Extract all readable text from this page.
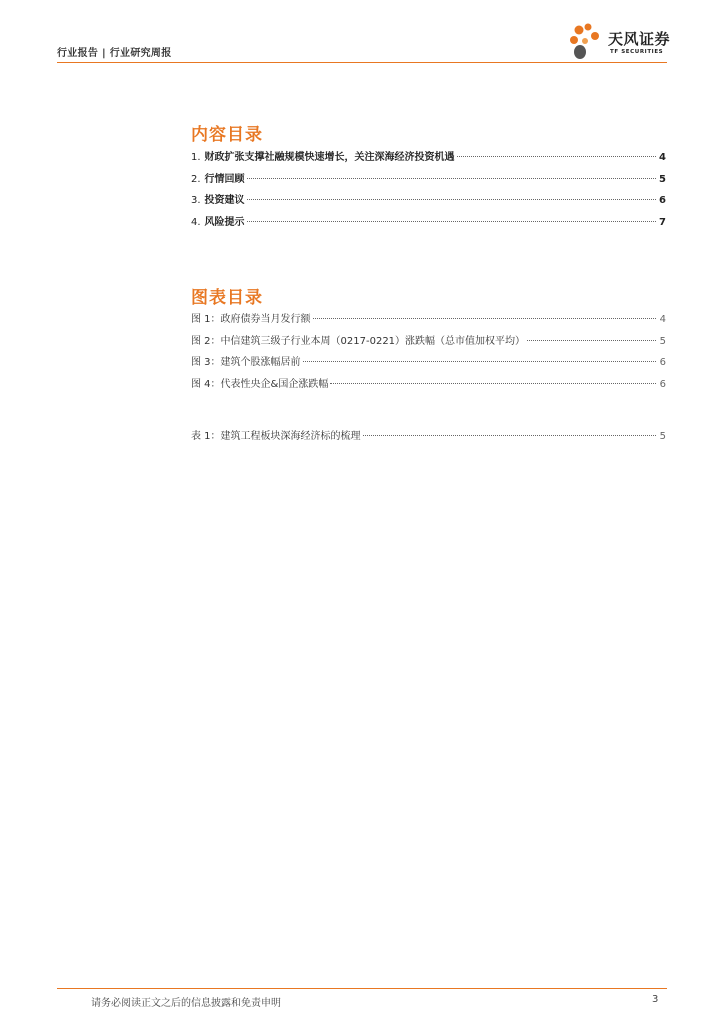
行业报告 | 行业研究周报
天风证券
TF SECURITIES
内容目录
1. 财政扩张支撑社融规模快速增长，关注深海经济投资机遇	4
2. 行情回顾	5
3. 投资建议	6
4. 风险提示	7
图表目录
图 1：政府债券当月发行额	4
图 2：中信建筑三级子行业本周（0217-0221）涨跌幅（总市值加权平均）	5
图 3：建筑个股涨幅居前	6
图 4：代表性央企&国企涨跌幅	6
表 1：建筑工程板块深海经济标的梳理	5
请务必阅读正文之后的信息披露和免责申明	3
